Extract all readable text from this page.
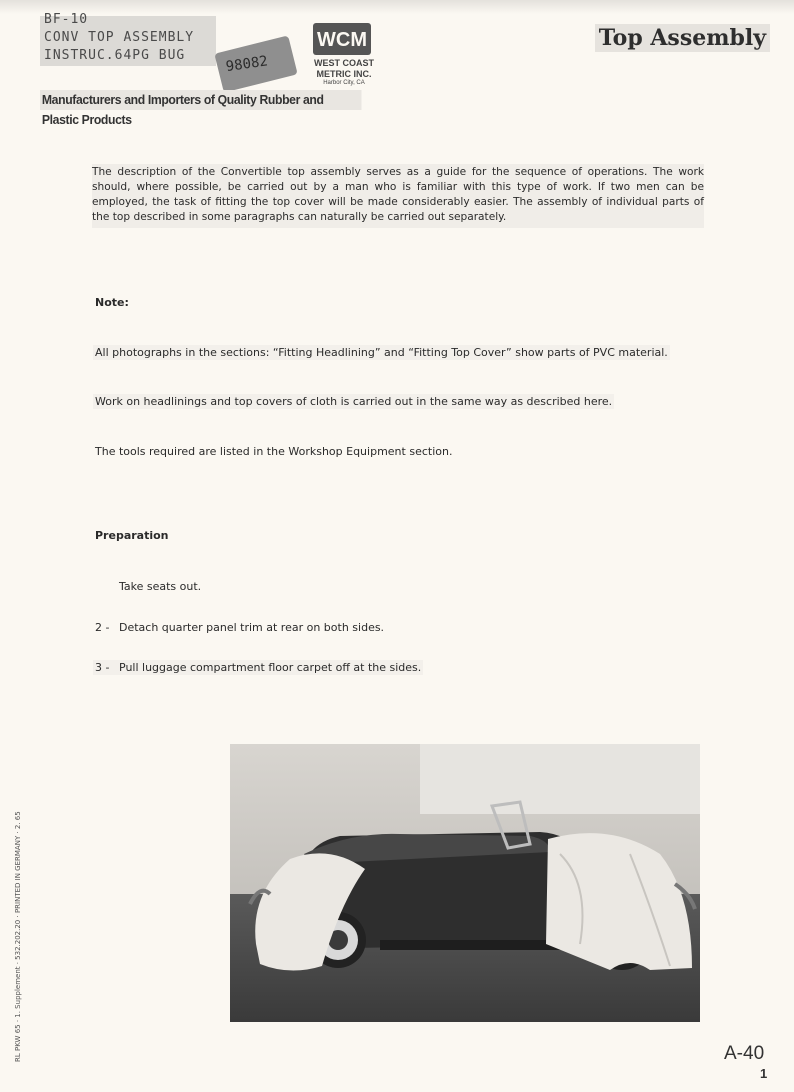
BF-10
CONV TOP ASSEMBLY
INSTRUC.64PG BUG	98082
WCM
WEST COAST
METRIC INC.
Harbor City, CA
Manufacturers and Importers of Quality Rubber and Plastic Products
Top Assembly
The description of the Convertible top assembly serves as a guide for the sequence of operations. The work should, where possible, be carried out by a man who is familiar with this type of work. If two men can be employed, the task of fitting the top cover will be made considerably easier. The assembly of individual parts of the top described in some paragraphs can naturally be carried out separately.
Note:
All photographs in the sections: “Fitting Headlining” and “Fitting Top Cover” show parts of PVC material.
Work on headlinings and top covers of cloth is carried out in the same way as described here.
The tools required are listed in the Workshop Equipment section.
Preparation
Take seats out.
2 - Detach quarter panel trim at rear on both sides.
3 - Pull luggage compartment floor carpet off at the sides.
RL PKW 65 · 1. Supplement · 532.202.20 · PRINTED IN GERMANY · 2. 65	A-40
1
